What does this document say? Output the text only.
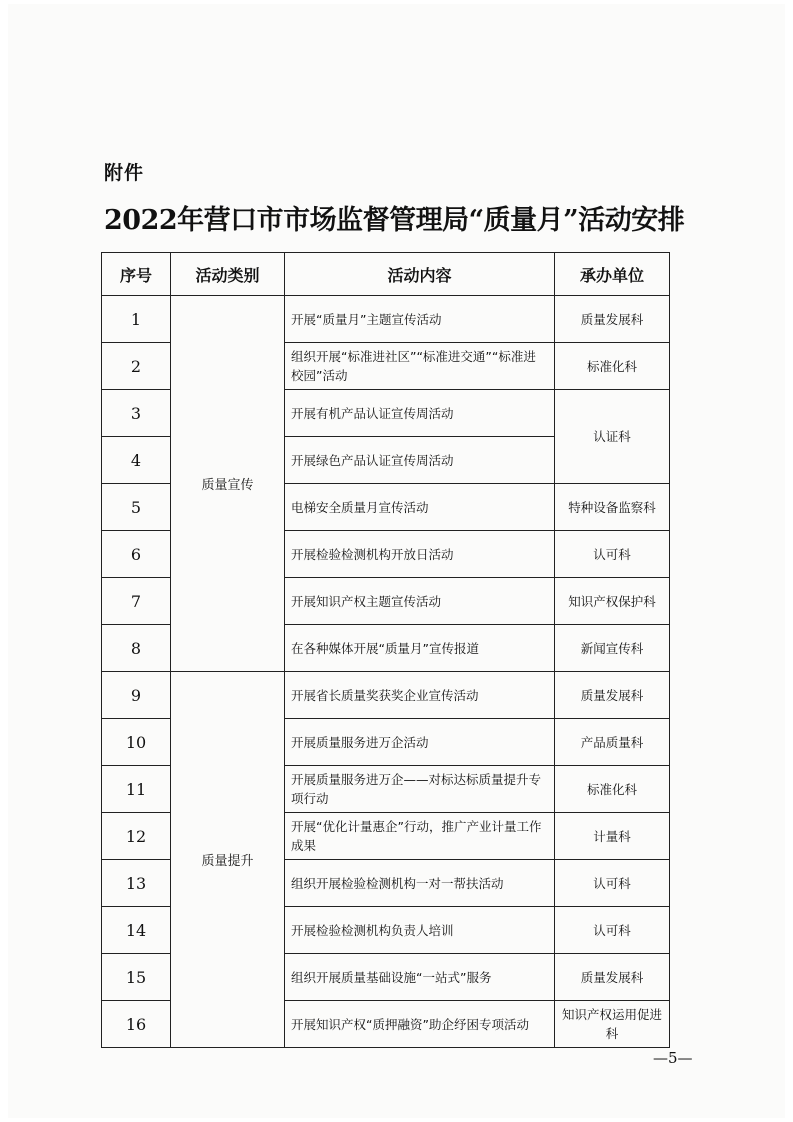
附件
2022年营口市市场监督管理局“质量月”活动安排
序号	活动类别	活动内容	承办单位
1	质量宣传	开展“质量月”主题宣传活动	质量发展科
2		组织开展“标准进社区”“标准进交通”“标准进校园”活动	标准化科
3		开展有机产品认证宣传周活动	认证科
4		开展绿色产品认证宣传周活动	
5		电梯安全质量月宣传活动	特种设备监察科
6		开展检验检测机构开放日活动	认可科
7		开展知识产权主题宣传活动	知识产权保护科
8		在各种媒体开展“质量月”宣传报道	新闻宣传科
9	质量提升	开展省长质量奖获奖企业宣传活动	质量发展科
10		开展质量服务进万企活动	产品质量科
11		开展质量服务进万企——对标达标质量提升专项行动	标准化科
12		开展“优化计量惠企”行动，推广产业计量工作成果	计量科
13		组织开展检验检测机构一对一帮扶活动	认可科
14		开展检验检测机构负责人培训	认可科
15		组织开展质量基础设施“一站式”服务	质量发展科
16		开展知识产权“质押融资”助企纾困专项活动	知识产权运用促进科
—5—
